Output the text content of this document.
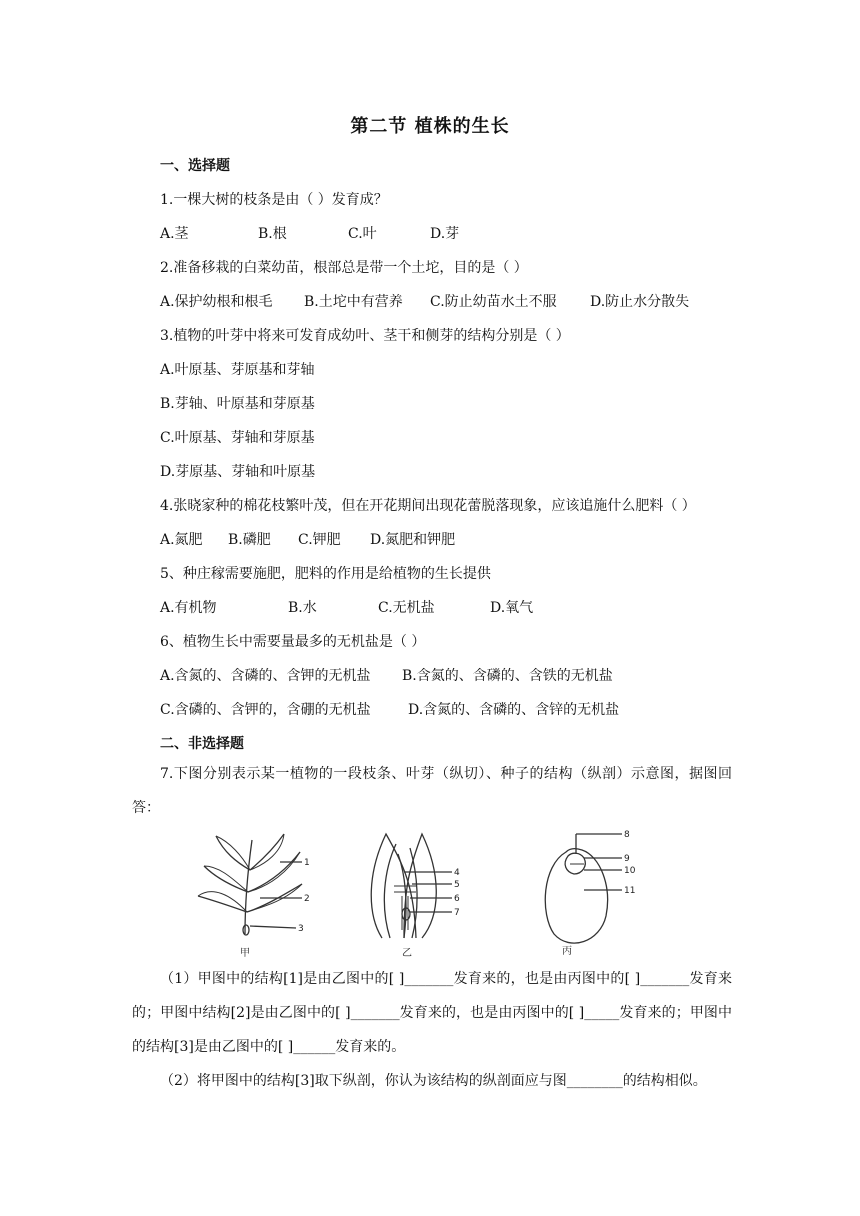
第二节 植株的生长
一、选择题
1.一棵大树的枝条是由（ ）发育成？
A.茎	B.根	C.叶	D.芽
2.准备移栽的白菜幼苗，根部总是带一个土坨，目的是（ ）
A.保护幼根和根毛 B.土坨中有营养 C.防止幼苗水土不服 D.防止水分散失
3.植物的叶芽中将来可发育成幼叶、茎干和侧芽的结构分别是（ ）
A.叶原基、芽原基和芽轴
B.芽轴、叶原基和芽原基
C.叶原基、芽轴和芽原基
D.芽原基、芽轴和叶原基
4.张晓家种的棉花枝繁叶茂，但在开花期间出现花蕾脱落现象，应该追施什么肥料（ ）
A.氮肥 B.磷肥 C.钾肥 D.氮肥和钾肥
5、种庄稼需要施肥，肥料的作用是给植物的生长提供
A.有机物	B.水	C.无机盐	D.氧气
6、植物生长中需要量最多的无机盐是（ ）
A.含氮的、含磷的、含钾的无机盐 B.含氮的、含磷的、含铁的无机盐
C.含磷的、含钾的，含硼的无机盐	D.含氮的、含磷的、含锌的无机盐
二、非选择题
7.下图分别表示某一植物的一段枝条、叶芽（纵切）、种子的结构（纵剖）示意图，据图回答：
1
2
3
甲
4
5
6
7
乙
8
9
10
11
丙
（1）甲图中的结构[1]是由乙图中的[ ]_______发育来的，也是由丙图中的[ ]_______发育来的；甲图中结构[2]是由乙图中的[ ]_______发育来的，也是由丙图中的[ ]_____发育来的；甲图中的结构[3]是由乙图中的[ ]______发育来的。
（2）将甲图中的结构[3]取下纵剖，你认为该结构的纵剖面应与图________的结构相似。
